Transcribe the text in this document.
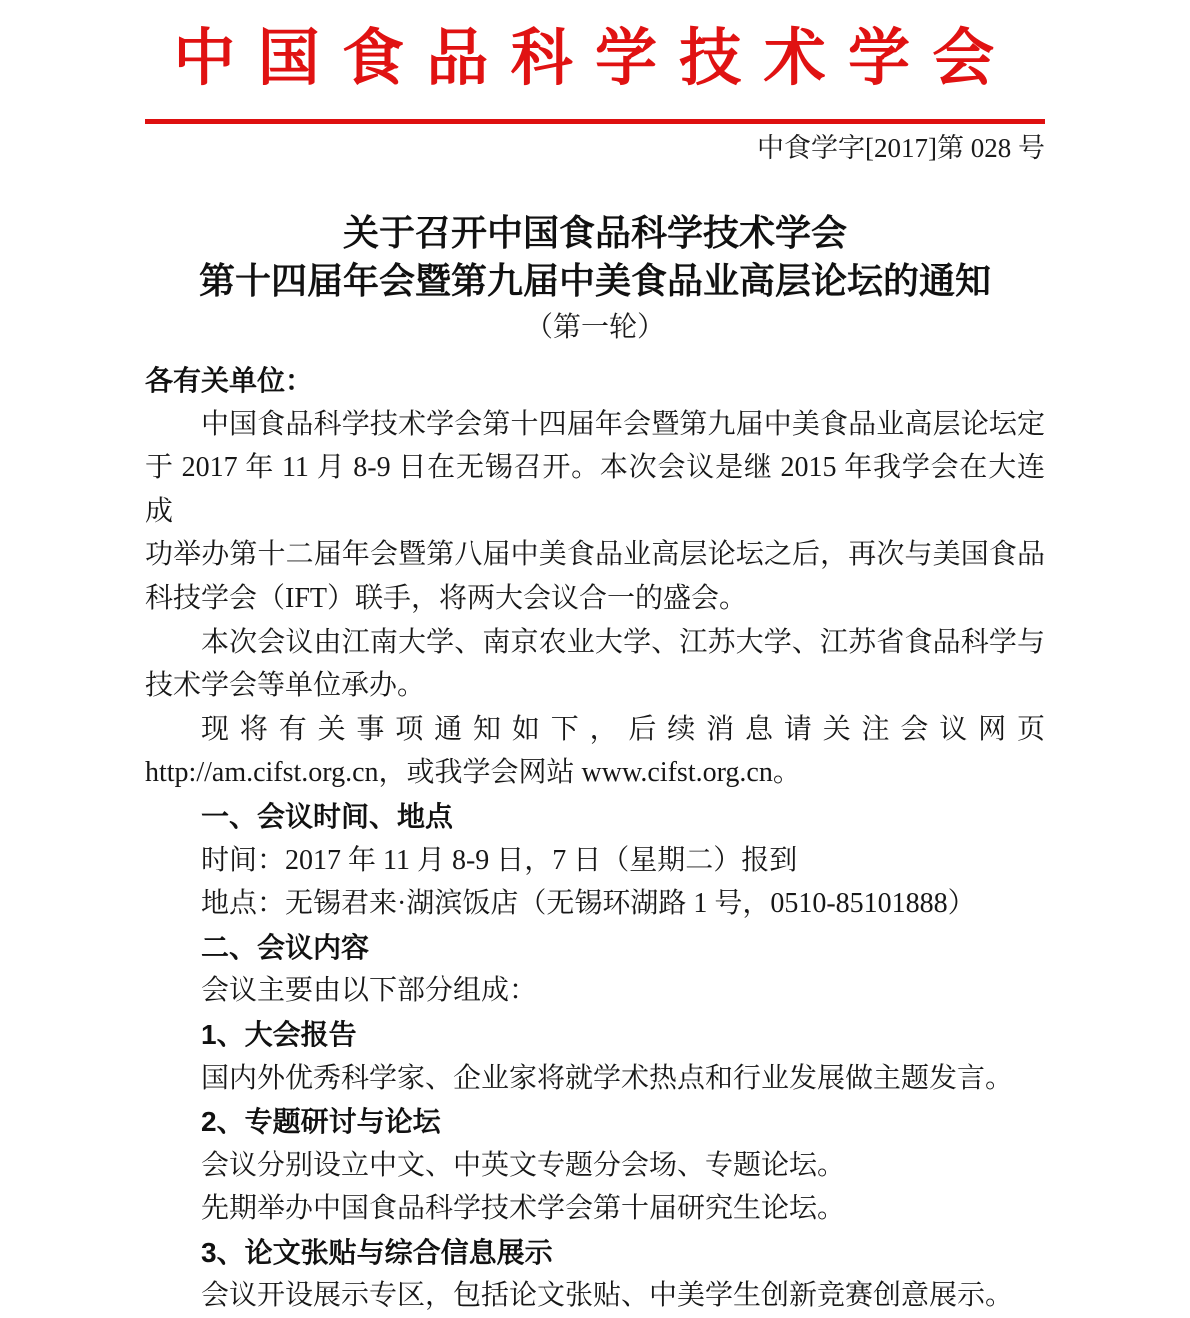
中国食品科学技术学会
中食学字[2017]第 028 号
关于召开中国食品科学技术学会
第十四届年会暨第九届中美食品业高层论坛的通知
（第一轮）
各有关单位：
中国食品科学技术学会第十四届年会暨第九届中美食品业高层论坛定
于 2017 年 11 月 8-9 日在无锡召开。本次会议是继 2015 年我学会在大连成
功举办第十二届年会暨第八届中美食品业高层论坛之后，再次与美国食品
科技学会（IFT）联手，将两大会议合一的盛会。
本次会议由江南大学、南京农业大学、江苏大学、江苏省食品科学与
技术学会等单位承办。
现将有关事项通知如下，后续消息请关注会议网页
http://am.cifst.org.cn，或我学会网站 www.cifst.org.cn。
一、会议时间、地点
时间：2017 年 11 月 8-9 日，7 日（星期二）报到
地点：无锡君来·湖滨饭店（无锡环湖路 1 号，0510-85101888）
二、会议内容
会议主要由以下部分组成：
1、大会报告
国内外优秀科学家、企业家将就学术热点和行业发展做主题发言。
2、专题研讨与论坛
会议分别设立中文、中英文专题分会场、专题论坛。
先期举办中国食品科学技术学会第十届研究生论坛。
3、论文张贴与综合信息展示
会议开设展示专区，包括论文张贴、中美学生创新竞赛创意展示。
